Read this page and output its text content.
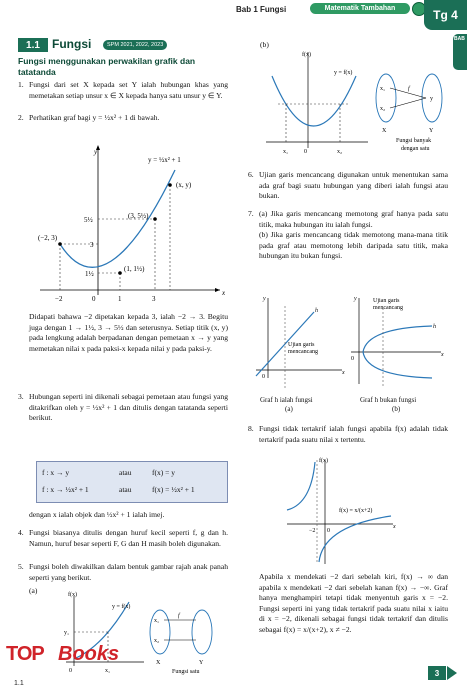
Bab 1 Fungsi	Matematik Tambahan	Tg 4
BAB
1.1	Fungsi	SPM 2021, 2022, 2023
Fungsi menggunakan perwakilan grafik dan tatatanda
1. Fungsi dari set X kepada set Y ialah hubungan khas yang memetakan setiap unsur x ∈ X kepada hanya satu unsur y ∈ Y.
2. Perhatikan graf bagi y = ½x² + 1 di bawah.
y = ½x² + 1
y
x
(x, y)
(3, 5½)
(−2, 3)
(1, 1½)
5½
3
1½
−2	0	1	3
Didapati bahawa −2 dipetakan kepada 3, ialah −2 → 3. Begitu juga dengan 1 → 1½, 3 → 5½ dan seterusnya. Setiap titik (x, y) pada lengkung adalah berpadanan dengan pemetaan x → y yang memetakan nilai x pada paksi-x kepada nilai y pada paksi-y.
3. Hubungan seperti ini dikenali sebagai pemetaan atau fungsi yang ditakrifkan oleh y = ½x² + 1 dan ditulis dengan tatatanda seperti berikut.
f : x → y	atau	f(x) = y
f : x → ½x² + 1	atau	f(x) = ½x² + 1
dengan x ialah objek dan ½x² + 1 ialah imej.
4. Fungsi biasanya ditulis dengan huruf kecil seperti f, g dan h. Namun, huruf besar seperti F, G dan H masih boleh digunakan.
5. Fungsi boleh diwakilkan dalam bentuk gambar rajah anak panah seperti yang berikut.
(a)	f(x)
y = f(x)
y₁
x₁
0
x₁
x₂
f
X	Y
Fungsi satu
(b)
f(x)
y = f(x)
x₁	x₂
0
x₁
x₂
y
f
X	Y
Fungsi banyak
dengan satu
6. Ujian garis mencancang digunakan untuk menentukan sama ada graf bagi suatu hubungan yang diberi ialah fungsi atau bukan.
7. (a) Jika garis mencancang memotong graf hanya pada satu titik, maka hubungan itu ialah fungsi.
(b) Jika garis mencancang tidak memotong mana-mana titik pada graf atau memotong lebih daripada satu titik, maka hubungan itu bukan fungsi.
y
h
x
0
Ujian garis
mencancang
Graf h ialah fungsi
(a)
y
h
x
0
Ujian garis
mencancang
Graf h bukan fungsi
(b)
8. Fungsi tidak tertakrif ialah fungsi apabila f(x) adalah tidak tertakrif pada suatu nilai x tertentu.
f(x)
x
−2 0
f(x) = x/(x+2)
Apabila x mendekati −2 dari sebelah kiri, f(x) → ∞ dan apabila x mendekati −2 dari sebelah kanan f(x) → −∞. Graf hanya menghampiri tetapi tidak menyentuh garis x = −2. Fungsi seperti ini yang tidak tertakrif pada suatu nilai x iaitu di x = −2, dikenali sebagai fungsi tidak tertakrif dan ditulis sebagai f(x) = x/(x+2), x ≠ −2.
TOP Books
1.1
3
